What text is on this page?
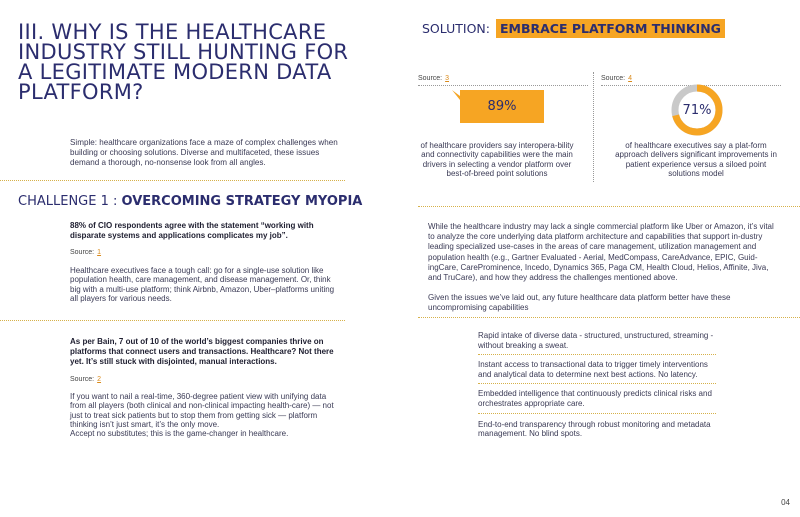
III. WHY IS THE HEALTHCARE INDUSTRY STILL HUNTING FOR A LEGITIMATE MODERN DATA PLATFORM?

Simple: healthcare organizations face a maze of complex challenges when building or choosing solutions. Diverse and multifaceted, these issues demand a thorough, no-nonsense look from all angles.

CHALLENGE 1 : OVERCOMING STRATEGY MYOPIA

88% of CIO respondents agree with the statement “working with disparate systems and applications complicates my job”.

Source: 1

Healthcare executives face a tough call: go for a single-use solution like population health, care management, and disease management. Or, think big with a multi-use platform; think Airbnb, Amazon, Uber–platforms uniting all players for various needs.

As per Bain, 7 out of 10 of the world’s biggest companies thrive on platforms that connect users and transactions. Healthcare? Not there yet. It’s still stuck with disjointed, manual interactions.

Source: 2

If you want to nail a real-time, 360-degree patient view with unifying data from all players (both clinical and non-clinical impacting health-care) — not just to treat sick patients but to stop them from getting sick — platform thinking isn’t just smart, it’s the only move.

Accept no substitutes; this is the game-changer in healthcare.

SOLUTION: EMBRACE PLATFORM THINKING
Source: 3
89%

of healthcare providers say interopera-bility and connectivity capabilities were the main drivers in selecting a vendor platform over best-of-breed point solutions

Source: 4
71%

of healthcare executives say a plat-form approach delivers significant improvements in patient experience versus a siloed point solutions model

While the healthcare industry may lack a single commercial platform like Uber or Amazon, it’s vital to analyze the core underlying data platform architecture and capabilities that support in-dustry leading specialized use-cases in the areas of care management, utilization management and population health (e.g., Gartner Evaluated - Aerial, MedCompass, CareAdvance, EPIC, Guid-ingCare, CareProminence, Incedo, Dynamics 365, Paga CM, Health Cloud, Helios, Affinite, Jiva, and TruCare), and how they address the challenges mentioned above.

Given the issues we’ve laid out, any future healthcare data platform better have these uncompromising capabilities

Rapid intake of diverse data - structured, unstructured, streaming - without breaking a sweat.

Instant access to transactional data to trigger timely interventions and analytical data to determine next best actions. No latency.

Embedded intelligence that continuously predicts clinical risks and orchestrates appropriate care.

End-to-end transparency through robust monitoring and metadata management. No blind spots.

04
